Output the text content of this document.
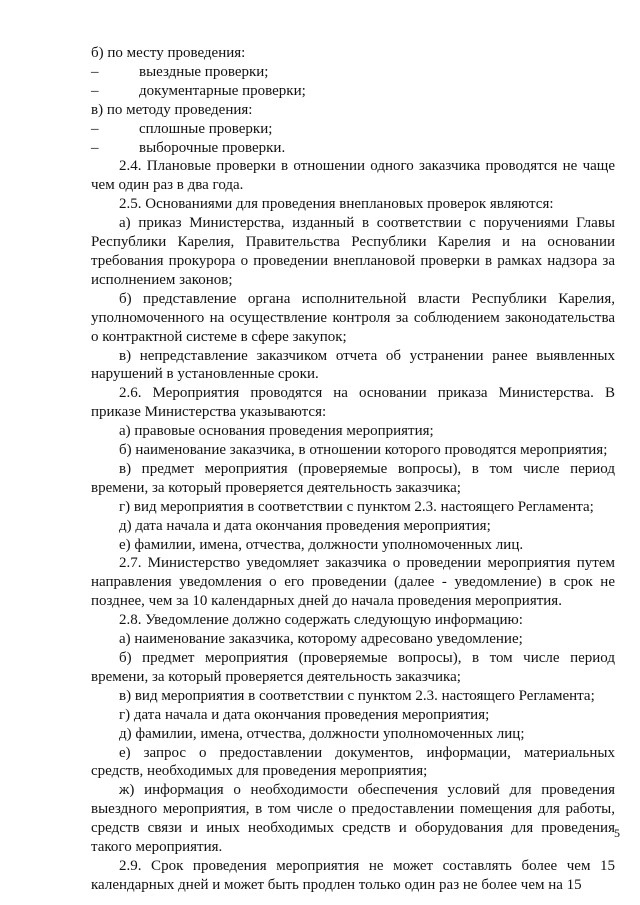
б) по месту проведения:

–	выездные проверки;

–	документарные проверки;

в) по методу проведения:

–	сплошные проверки;

–	выборочные проверки.

2.4. Плановые проверки в отношении одного заказчика проводятся не чаще чем один раз в два года.

2.5. Основаниями для проведения внеплановых проверок являются:

а) приказ Министерства, изданный в соответствии с поручениями Главы Республики Карелия, Правительства Республики Карелия и на основании требования прокурора о проведении внеплановой проверки в рамках надзора за исполнением законов;

б) представление органа исполнительной власти Республики Карелия, уполномоченного на осуществление контроля за соблюдением законодательства о контрактной системе в сфере закупок;

в) непредставление заказчиком отчета об устранении ранее выявленных нарушений в установленные сроки.

2.6. Мероприятия проводятся на основании приказа Министерства. В приказе Министерства указываются:

а) правовые основания проведения мероприятия;

б) наименование заказчика, в отношении которого проводятся мероприятия;

в) предмет мероприятия (проверяемые вопросы), в том числе период времени, за который проверяется деятельность заказчика;

г) вид мероприятия в соответствии с пунктом 2.3. настоящего Регламента;

д) дата начала и дата окончания проведения мероприятия;

е) фамилии, имена, отчества, должности уполномоченных лиц.

2.7. Министерство уведомляет заказчика о проведении мероприятия путем направления уведомления о его проведении (далее - уведомление) в срок не позднее, чем за 10 календарных дней до начала проведения мероприятия.

2.8. Уведомление должно содержать следующую информацию:

а) наименование заказчика, которому адресовано уведомление;

б) предмет мероприятия (проверяемые вопросы), в том числе период времени, за который проверяется деятельность заказчика;

в) вид мероприятия в соответствии с пунктом 2.3. настоящего Регламента;

г) дата начала и дата окончания проведения мероприятия;

д) фамилии, имена, отчества, должности уполномоченных лиц;

е) запрос о предоставлении документов, информации, материальных средств, необходимых для проведения мероприятия;

ж) информация о необходимости обеспечения условий для проведения выездного мероприятия, в том числе о предоставлении помещения для работы, средств связи и иных необходимых средств и оборудования для проведения такого мероприятия.

2.9. Срок проведения мероприятия не может составлять более чем 15 календарных дней и может быть продлен только один раз не более чем на 15

5
